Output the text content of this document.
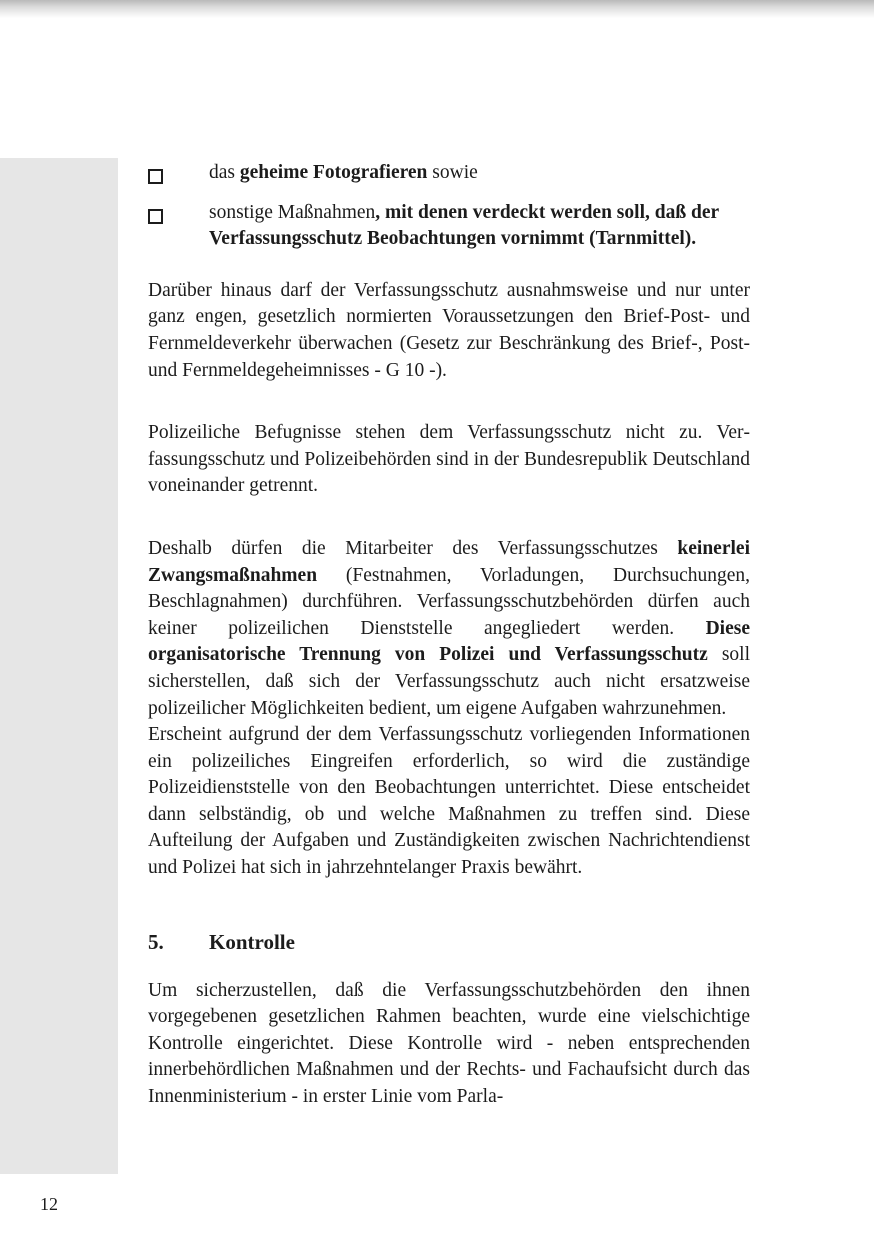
das geheime Fotografieren sowie
sonstige Maßnahmen, mit denen verdeckt werden soll, daß der Verfassungsschutz Beobachtungen vornimmt (Tarnmittel).

Darüber hinaus darf der Verfassungsschutz ausnahmsweise und nur unter ganz engen, gesetzlich normierten Voraussetzungen den Brief-Post- und Fernmeldeverkehr überwachen (Gesetz zur Beschränkung des Brief-, Post- und Fernmeldegeheimnisses - G 10 -).

Polizeiliche Befugnisse stehen dem Verfassungsschutz nicht zu. Verfassungsschutz und Polizeibehörden sind in der Bundesrepublik Deutschland voneinander getrennt.

Deshalb dürfen die Mitarbeiter des Verfassungsschutzes keinerlei Zwangsmaßnahmen (Festnahmen, Vorladungen, Durchsuchungen, Beschlagnahmen) durchführen. Verfassungsschutzbehörden dürfen auch keiner polizeilichen Dienststelle angegliedert werden. Diese organisatorische Trennung von Polizei und Verfassungsschutz soll sicherstellen, daß sich der Verfassungsschutz auch nicht ersatzweise polizeilicher Möglichkeiten bedient, um eigene Aufgaben wahrzunehmen.

Erscheint aufgrund der dem Verfassungsschutz vorliegenden Informationen ein polizeiliches Eingreifen erforderlich, so wird die zuständige Polizeidienststelle von den Beobachtungen unterrichtet. Diese entscheidet dann selbständig, ob und welche Maßnahmen zu treffen sind. Diese Aufteilung der Aufgaben und Zuständigkeiten zwischen Nachrichtendienst und Polizei hat sich in jahrzehntelanger Praxis bewährt.

5. Kontrolle

Um sicherzustellen, daß die Verfassungsschutzbehörden den ihnen vorgegebenen gesetzlichen Rahmen beachten, wurde eine vielschichtige Kontrolle eingerichtet. Diese Kontrolle wird - neben entsprechenden innerbehördlichen Maßnahmen und der Rechts- und Fachaufsicht durch das Innenministerium - in erster Linie vom Parla-

12
